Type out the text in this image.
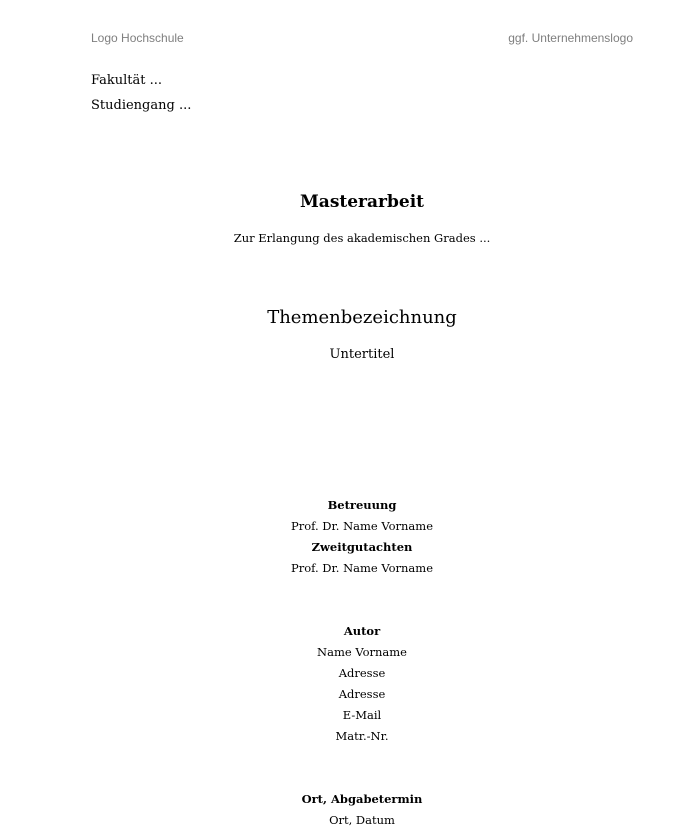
Logo Hochschule	ggf. Unternehmenslogo
Fakultät ...
Studiengang ...
Masterarbeit
Zur Erlangung des akademischen Grades ...
Themenbezeichnung
Untertitel
Betreuung
Prof. Dr. Name Vorname
Zweitgutachten
Prof. Dr. Name Vorname
Autor
Name Vorname
Adresse
Adresse
E-Mail
Matr.-Nr.
Ort, Abgabetermin
Ort, Datum
